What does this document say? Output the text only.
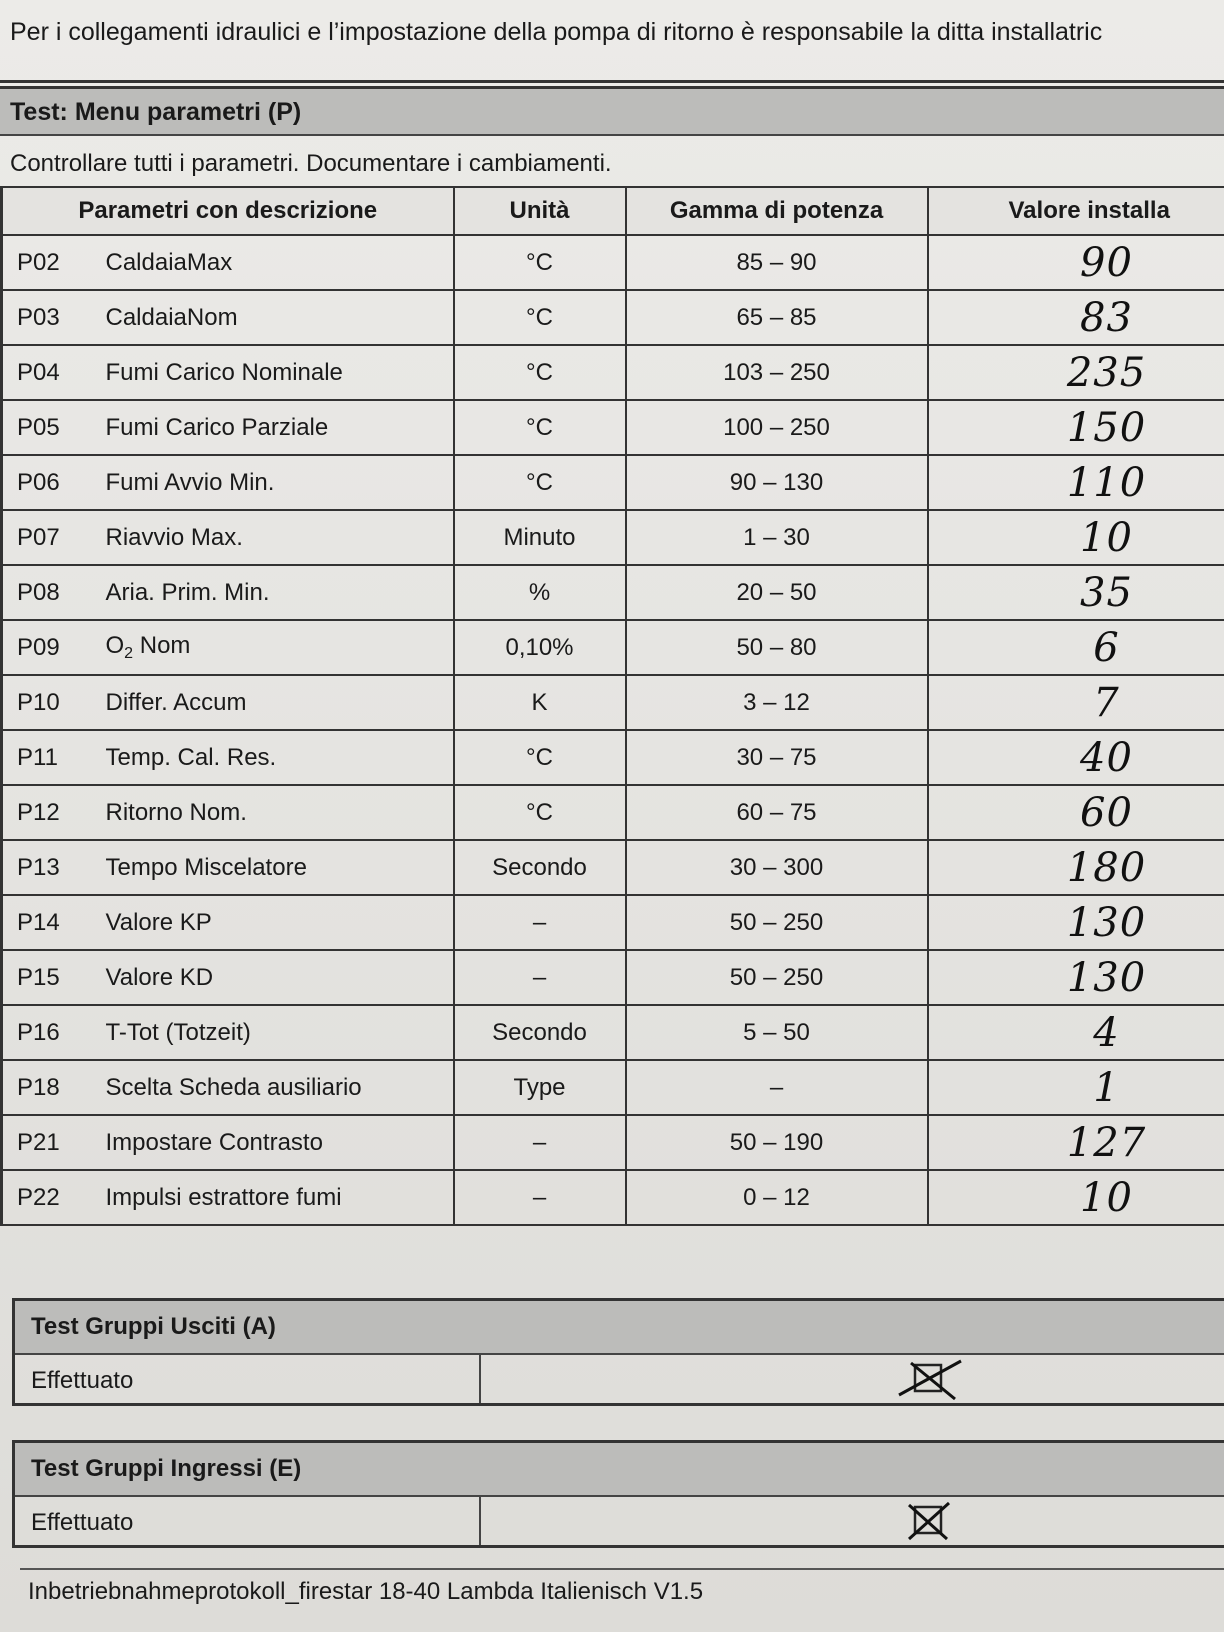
Per i collegamenti idraulici e l’impostazione della pompa di ritorno è responsabile la ditta installatric
Test: Menu parametri (P)
Controllare tutti i parametri. Documentare i cambiamenti.
Parametri con descrizione		Unità	Gamma di potenza	Valore installa
P02	CaldaiaMax	°C	85 – 90	90
P03	CaldaiaNom	°C	65 – 85	83
P04	Fumi Carico Nominale	°C	103 – 250	235
P05	Fumi Carico Parziale	°C	100 – 250	150
P06	Fumi Avvio Min.	°C	90 – 130	110
P07	Riavvio Max.	Minuto	1 – 30	10
P08	Aria. Prim. Min.	%	20 – 50	35
P09	$O_2$ Nom	0,10%	50 – 80	6
P10	Differ. Accum	K	3 – 12	7
P11	Temp. Cal. Res.	°C	30 – 75	40
P12	Ritorno Nom.	°C	60 – 75	60
P13	Tempo Miscelatore	Secondo	30 – 300	180
P14	Valore KP	–	50 – 250	130
P15	Valore KD	–	50 – 250	130
P16	T-Tot (Totzeit)	Secondo	5 – 50	4
P18	Scelta Scheda ausiliario	Type	–	1
P21	Impostare Contrasto	–	50 – 190	127
P22	Impulsi estrattore fumi	–	0 – 12	10
Test Gruppi Usciti (A)
Effettuato
Test Gruppi Ingressi (E)
Effettuato
Inbetriebnahmeprotokoll_firestar 18-40 Lambda Italienisch V1.5
